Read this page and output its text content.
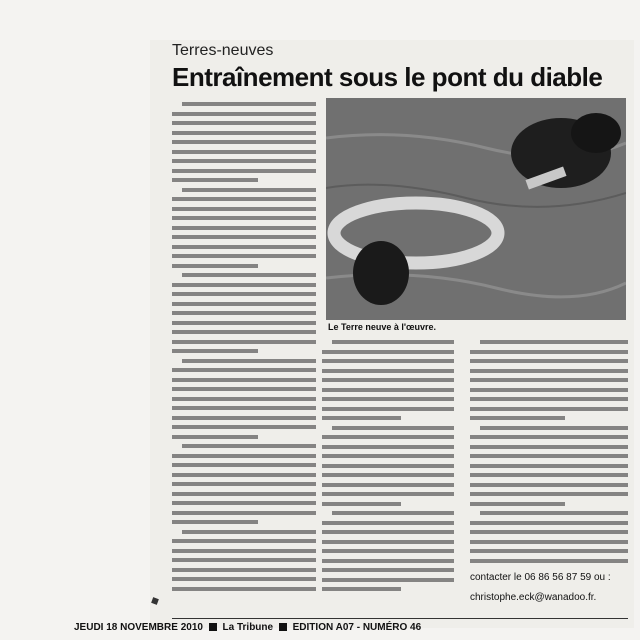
Terres-neuves
Entraînement sous le pont du diable
Le Terre neuve à l'œuvre.
contacter le 06 86 56 87 59 ou :
christophe.eck@wanadoo.fr.
JEUDI 18 NOVEMBRE 2010 La Tribune EDITION A07 - NUMÉRO 46
